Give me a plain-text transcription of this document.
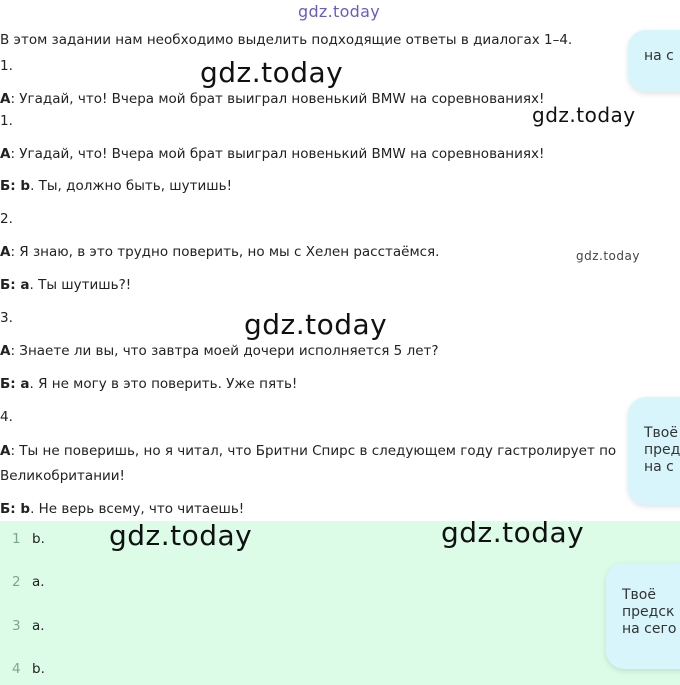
gdz.today
В этом задании нам необходимо выделить подходящие ответы в диалогах 1–4.
1.
А: Угадай, что! Вчера мой брат выиграл новенький BMW на соревнованиях!
1.
А: Угадай, что! Вчера мой брат выиграл новенький BMW на соревнованиях!
Б: b. Ты, должно быть, шутишь!
2.
А: Я знаю, в это трудно поверить, но мы с Хелен расстаёмся.
Б: a. Ты шутишь?!
3.
А: Знаете ли вы, что завтра моей дочери исполняется 5 лет?
Б: a. Я не могу в это поверить. Уже пять!
4.
А: Ты не поверишь, но я читал, что Бритни Спирс в следующем году гастролирует по
Великобритании!
Б: b. Не верь всему, что читаешь!
1 b.
2 a.
3 a.
4 b.
gdz.today
gdz.today
gdz.today
gdz.today
gdz.today	gdz.today
на с
Твоё
пред
на с
Твоё
предск
на сего
